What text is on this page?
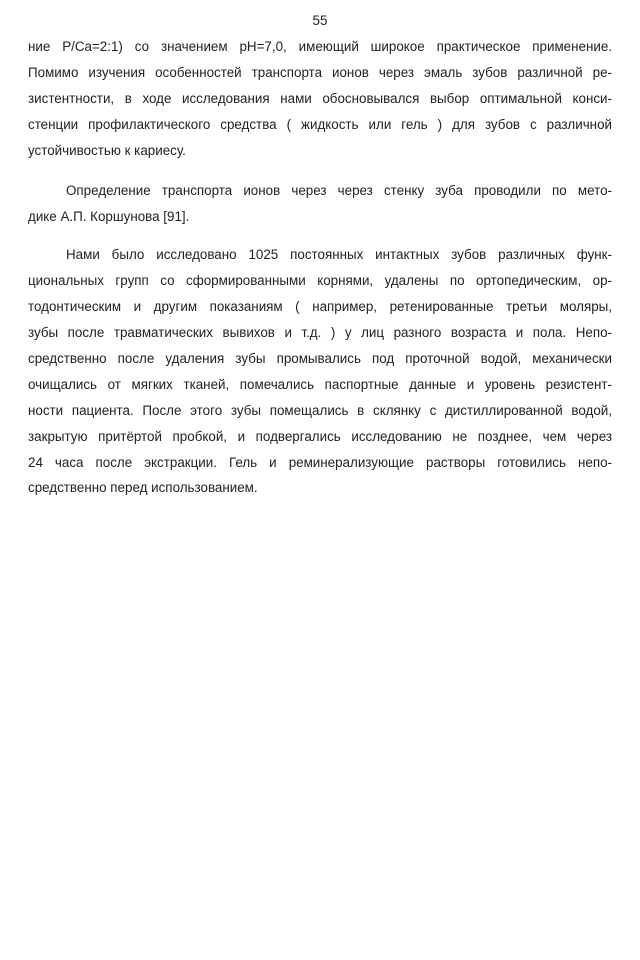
55
ние P/Ca=2:1) со значением pH=7,0, имеющий широкое практическое применение.
Помимо изучения особенностей транспорта ионов через эмаль зубов различной ре-
зистентности, в ходе исследования нами обосновывался выбор оптимальной конси-
стенции профилактического средства ( жидкость или гель ) для зубов с различной
устойчивостью к кариесу.
Определение транспорта ионов через через стенку зуба проводили по мето-
дике А.П. Коршунова [91].
Нами было исследовано 1025 постоянных интактных зубов различных функ-
циональных групп со сформированными корнями, удалены по ортопедическим, ор-
тодонтическим и другим показаниям ( например, ретенированные третьи моляры,
зубы после травматических вывихов и т.д. ) у лиц разного возраста и пола. Непо-
средственно после удаления зубы промывались под проточной водой, механически
очищались от мягких тканей, помечались паспортные данные и уровень резистент-
ности пациента. После этого зубы помещались в склянку с дистиллированной водой,
закрытую притёртой пробкой, и подвергались исследованию не позднее, чем через
24 часа после экстракции. Гель и реминерализующие растворы готовились непо-
средственно перед использованием.
